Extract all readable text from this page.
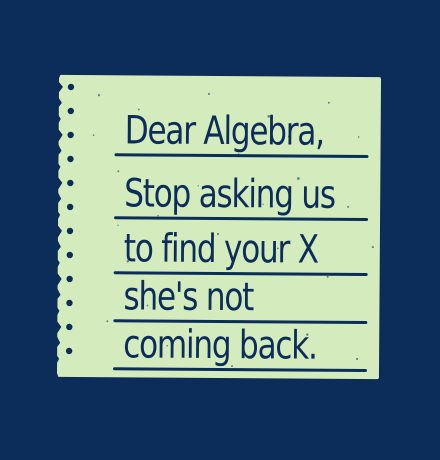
Dear Algebra,
Stop asking us
to find your X
she's not
coming back.
